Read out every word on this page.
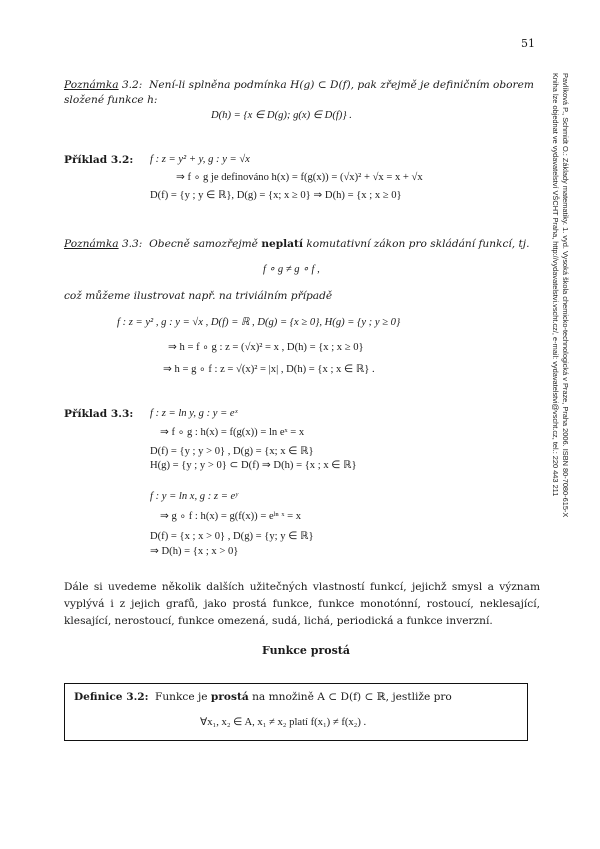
51
Pavlíková P., Schmidt O.: Základy matematiky. 1. vyd. Vysoká škola chemicko-technologická v Praze, Praha 2006. ISBN 80-7080-615-X
Kniha lze objednat ve vydavatelství VŠCHT Praha, http://vydavatelstvi.vscht.cz/, e-mail: vydavatelstvi@vscht.cz, tel.: 220 443 211
Poznámka 3.2: Není-li splněna podmínka H(g) ⊂ D(f), pak zřejmě je definičním oborem
složené funkce h:
D(h) = {x ∈ D(g); g(x) ∈ D(f)} .
Příklad 3.2: f : z = y² + y, g : y = √x
⇒ f ∘ g je definováno h(x) = f(g(x)) = (√x)² + √x = x + √x
D(f) = {y ; y ∈ ℝ}, D(g) = {x; x ≥ 0} ⇒ D(h) = {x ; x ≥ 0}
Poznámka 3.3: Obecně samozřejmě neplatí komutativní zákon pro skládání funkcí, tj.
f ∘ g ≠ g ∘ f ,
což můžeme ilustrovat např. na triviálním případě
f : z = y² , g : y = √x , D(f) = ℝ , D(g) = {x ≥ 0}, H(g) = {y ; y ≥ 0}
⇒ h = f ∘ g : z = (√x)² = x , D(h) = {x ; x ≥ 0}
⇒ h = g ∘ f : z = √(x)² = |x| , D(h) = {x ; x ∈ ℝ} .
Příklad 3.3: f : z = ln y, g : y = eˣ
⇒ f ∘ g : h(x) = f(g(x)) = ln eˣ = x
D(f) = {y ; y > 0} , D(g) = {x; x ∈ ℝ}
H(g) = {y ; y > 0} ⊂ D(f) ⇒ D(h) = {x ; x ∈ ℝ}
f : y = ln x, g : z = eʸ
⇒ g ∘ f : h(x) = g(f(x)) = eˡⁿ ˣ = x
D(f) = {x ; x > 0} , D(g) = {y; y ∈ ℝ}
⇒ D(h) = {x ; x > 0}
Dále si uvedeme několik dalších užitečných vlastností funkcí, jejichž smysl a význam vyplývá i z jejich grafů, jako prostá funkce, funkce monotónní, rostoucí, neklesající, klesající, nerostoucí, funkce omezená, sudá, lichá, periodická a funkce inverzní.
Funkce prostá
Definice 3.2: Funkce je prostá na množině A ⊂ D(f) ⊂ ℝ, jestliže pro
∀x₁, x₂ ∈ A, x₁ ≠ x₂ platí f(x₁) ≠ f(x₂) .
